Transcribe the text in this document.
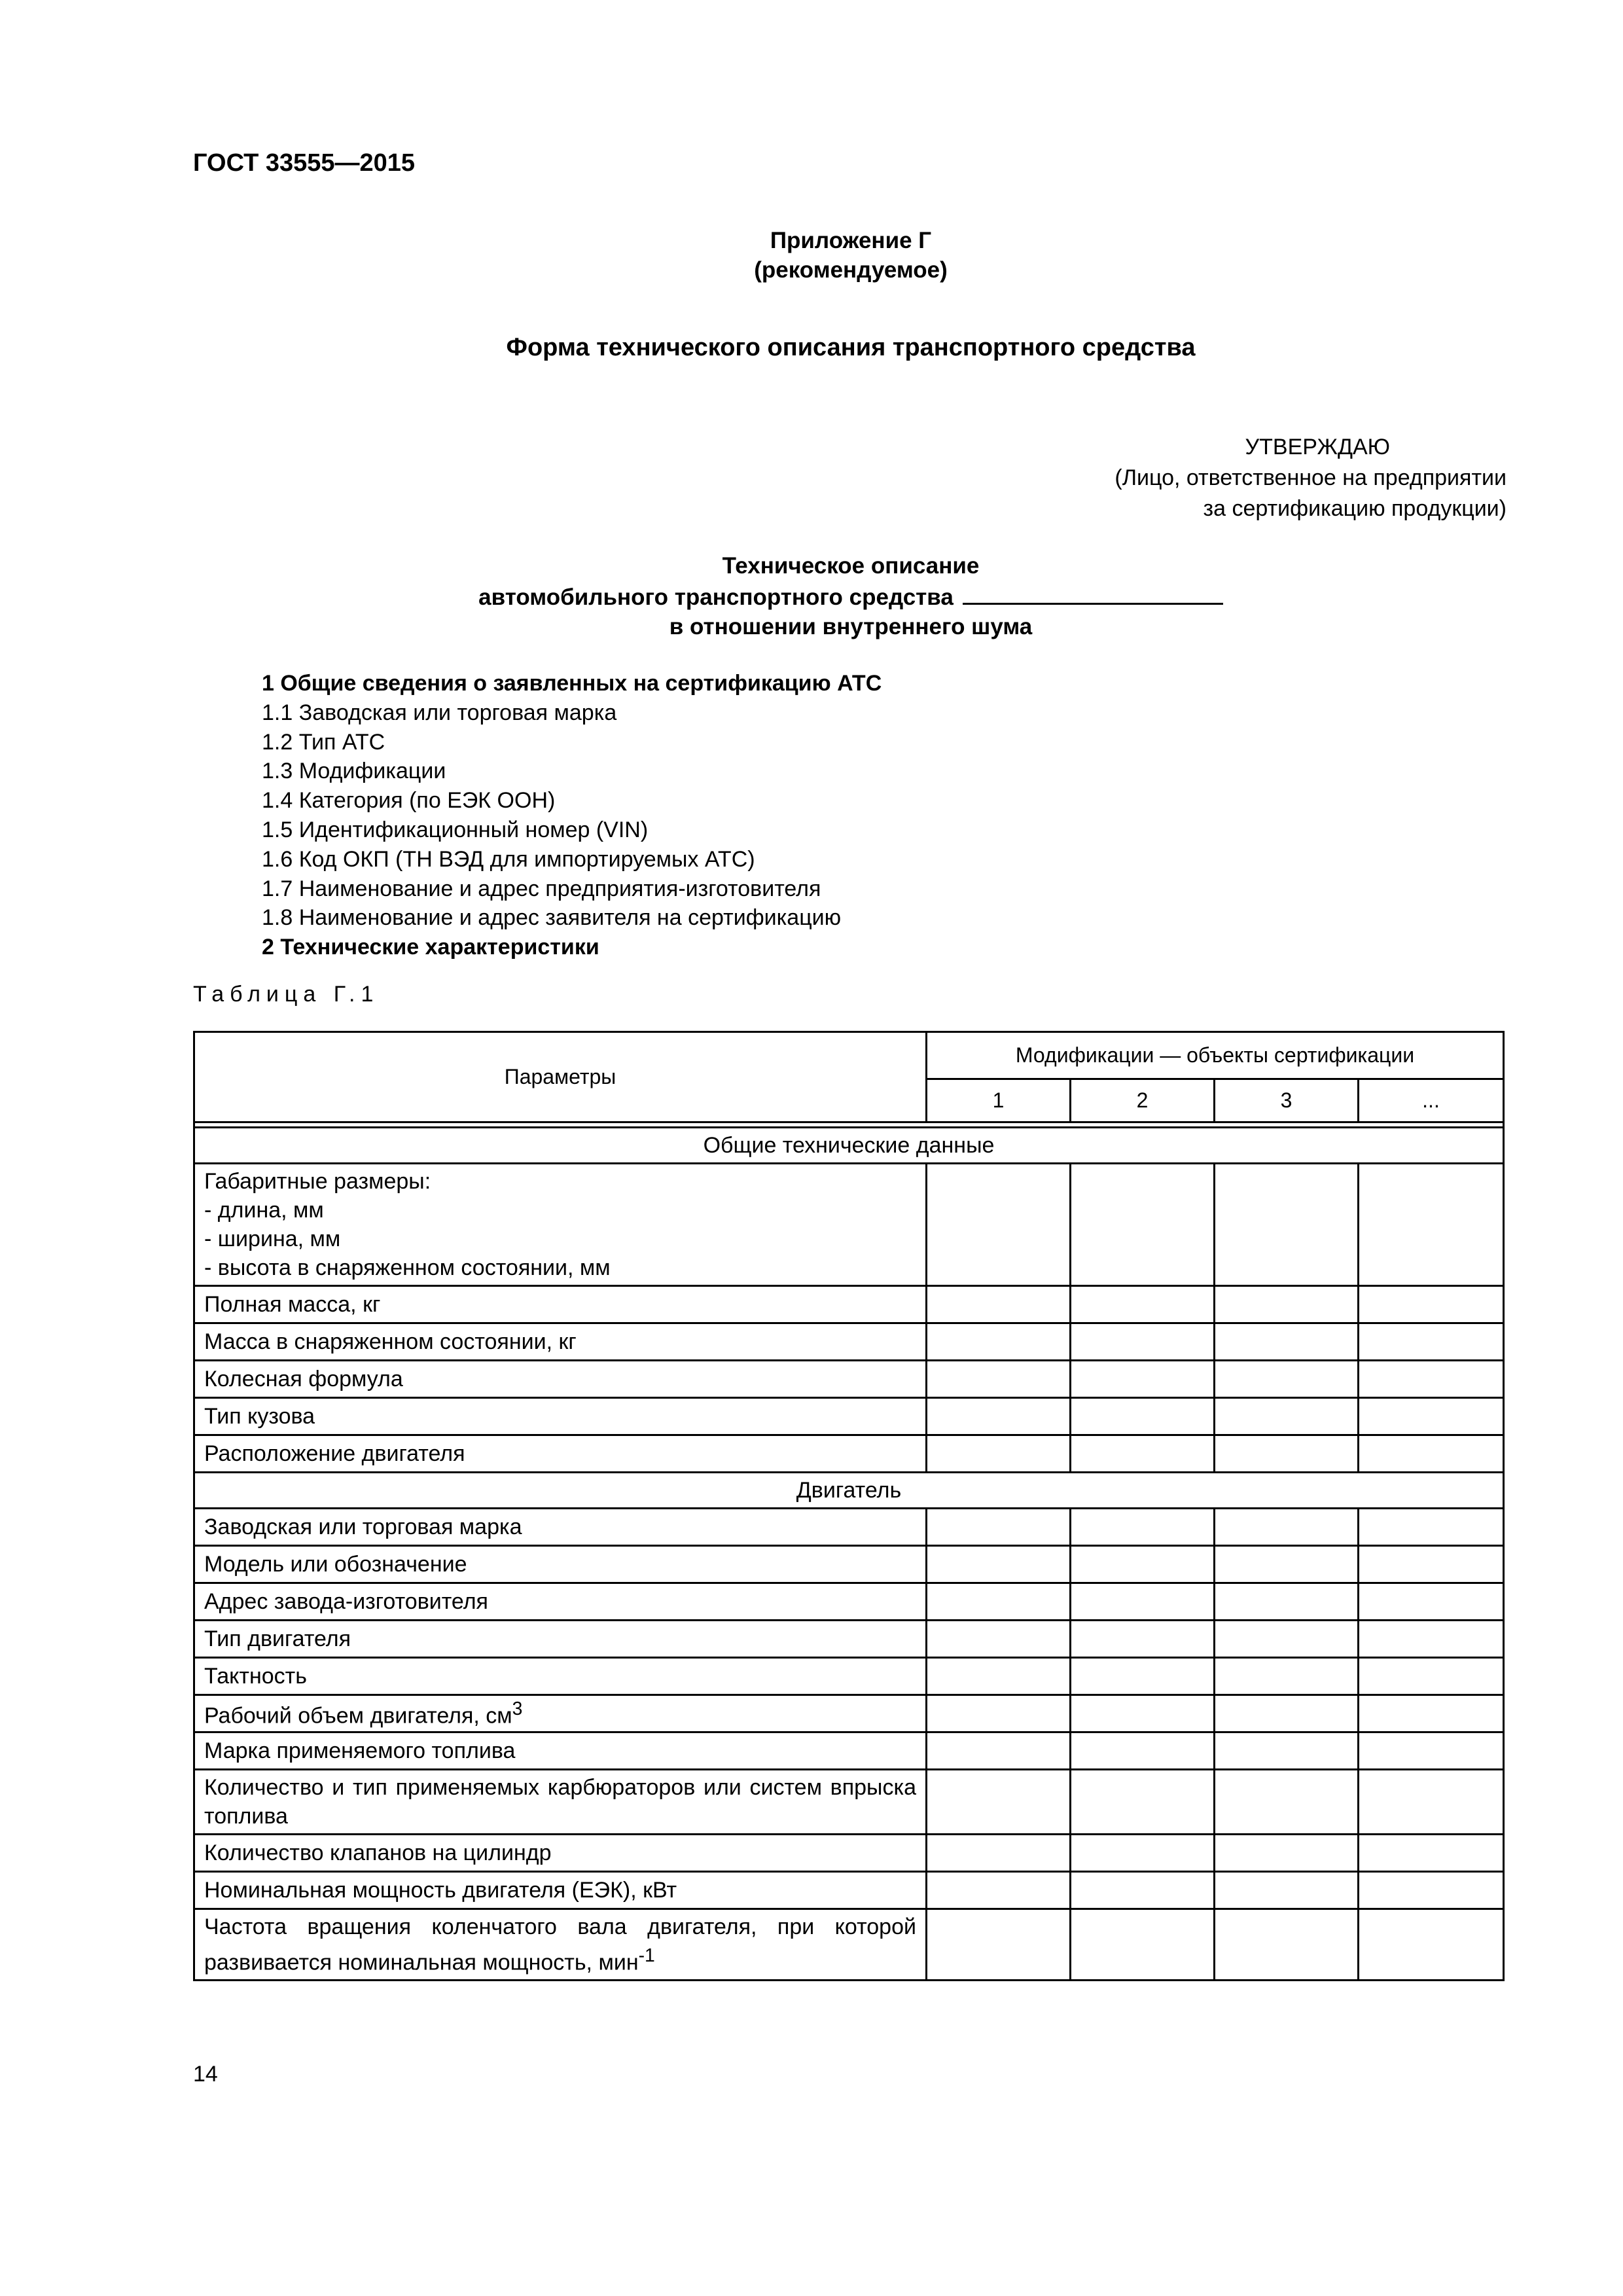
ГОСТ 33555—2015
Приложение Г
(рекомендуемое)
Форма технического описания транспортного средства
УТВЕРЖДАЮ
(Лицо, ответственное на предприятии
за сертификацию продукции)
Техническое описание
автомобильного транспортного средства
в отношении внутреннего шума
1 Общие сведения о заявленных на сертификацию АТС
1.1 Заводская или торговая марка
1.2 Тип АТС
1.3 Модификации
1.4 Категория (по ЕЭК ООН)
1.5 Идентификационный номер (VIN)
1.6 Код ОКП (ТН ВЭД для импортируемых АТС)
1.7 Наименование и адрес предприятия-изготовителя
1.8 Наименование и адрес заявителя на сертификацию
2 Технические характеристики
Таблица Г.1
Параметры	Модификации — объекты сертификации			
	1	2	3	...

Общие технические данные				

Габаритные размеры:
- длина, мм
- ширина, мм
- высота в снаряженном состоянии, мм				

Полная масса, кг				
Масса в снаряженном состоянии, кг				
Колесная формула				
Тип кузова				
Расположение двигателя				
Двигатель				
Заводская или торговая марка				
Модель или обозначение				
Адрес завода-изготовителя				
Тип двигателя				
Тактность				
Рабочий объем двигателя, $см^3$				
Марка применяемого топлива				
Количество и тип применяемых карбюраторов или систем впрыска топлива				
Количество клапанов на цилиндр				
Номинальная мощность двигателя (ЕЭК), кВт				
Частота вращения коленчатого вала двигателя, при которой развивается номинальная мощность, мин$^{-1}$				
14
